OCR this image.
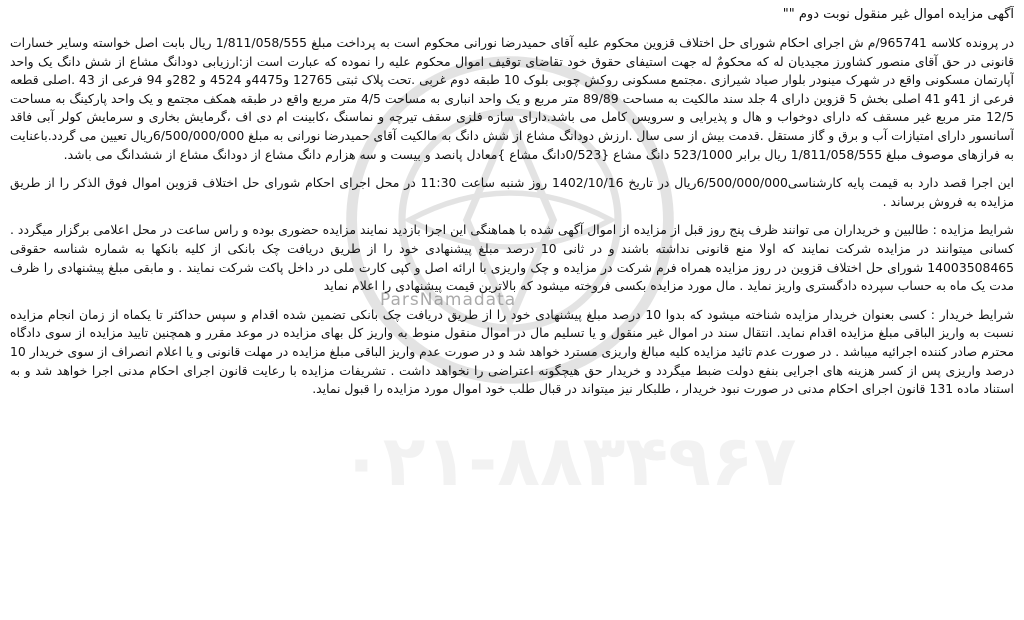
ParsNamadata
۰۲۱-۸۸۳۴۹۶۷
آگهی مزایده اموال غیر منقول نوبت دوم ""

در پرونده کلاسه 965741/م ش اجرای احکام شورای حل اختلاف قزوین محکوم علیه آقای حمیدرضا نورانی محکوم است به پرداخت مبلغ 1/811/058/555 ریال بابت اصل خواسته وسایر خسارات قانونی در حق آقای منصور کشاورز مجیدیان له که محکومٌ له جهت استیفای حقوق خود تقاضای توقیف اموال محکوم علیه را نموده که عبارت است از:ارزیابی دودانگ مشاع از شش دانگ یک واحد آپارتمان مسکونی واقع در شهرک مینودر بلوار صیاد شیرازی .مجتمع مسکونی روکش چوبی بلوک 10 طبقه دوم غربی .تحت پلاک ثبتی 12765 و4475و 4524 و 282و 94 فرعی از 43 .اصلی قطعه فرعی از 41و 41 اصلی بخش 5 قزوین دارای 4 جلد سند مالکیت به مساحت 89/89 متر مربع و یک واحد انباری به مساحت 4/5 متر مربع واقع در طبقه همکف مجتمع و یک واحد پارکینگ به مساحت 12/5 متر مربع غیر مسقف که دارای دوخواب و هال و پذیرایی و سرویس کامل می باشد.دارای سازه فلزی سقف تیرچه و نماسنگ ،کابینت ام دی اف ،گرمایش بخاری و سرمایش کولر آبی فاقد آسانسور دارای امتیازات آب و برق و گاز مستقل .قدمت بیش از سی سال .ارزش دودانگ مشاع از شش دانگ به مالکیت آقای حمیدرضا نورانی به مبلغ 6/500/000/000ریال تعیین می گردد.باعنایت به فرازهای موصوف مبلغ 1/811/058/555 ریال برابر 523/1000 دانگ مشاع {0/523دانگ مشاع }معادل پانصد و بیست و سه هزارم دانگ مشاع از دودانگ مشاع از ششدانگ می باشد.

این اجرا قصد دارد به قیمت پایه کارشناسی6/500/000/000ریال در تاریخ 1402/10/16 روز شنبه ساعت 11:30 در محل اجرای احکام شورای حل اختلاف قزوین اموال فوق الذکر را از طریق مزایده به فروش برساند .

شرایط مزایده : طالبین و خریداران می توانند ظرف پنج روز قبل از مزایده از اموال آگهی شده با هماهنگی این اجرا بازدید نمایند مزایده حضوری بوده و راس ساعت در محل اعلامی برگزار میگردد . کسانی میتوانند در مزایده شرکت نمایند که اولا منع قانونی نداشته باشند و در ثانی 10 درصد مبلغ پیشنهادی خود را از طریق دریافت چک بانکی از کلیه بانکها به شماره شناسه حقوقی 14003508465 شورای حل اختلاف قزوین در روز مزایده همراه فرم شرکت در مزایده و چک واریزی با ارائه اصل و کپی کارت ملی در داخل پاکت شرکت نمایند . و مابقی مبلغ پیشنهادی را ظرف مدت یک ماه به حساب سپرده دادگستری واریز نماید . مال مورد مزایده بکسی فروخته میشود که بالاترین قیمت پیشنهادی را اعلام نماید

شرایط خریدار : کسی بعنوان خریدار مزایده شناخته میشود که بدوا 10 درصد مبلغ پیشنهادی خود را از طریق دریافت چک بانکی تضمین شده اقدام و سپس حداکثر تا یکماه از زمان انجام مزایده نسبت به واریز الباقی مبلغ مزایده اقدام نماید. انتقال سند در اموال غیر منقول و یا تسلیم مال در اموال منقول منوط به واریز کل بهای مزایده در موعد مقرر و همچنین تایید مزایده از سوی دادگاه محترم صادر کننده اجرائیه میباشد . در صورت عدم تائید مزایده کلیه مبالغ واریزی مسترد خواهد شد و در صورت عدم واریز الباقی مبلغ مزایده در مهلت قانونی و یا اعلام انصراف از سوی خریدار 10 درصد واریزی پس از کسر هزینه های اجرایی بنفع دولت ضبط میگردد و خریدار حق هیچگونه اعتراضی را نخواهد داشت . تشریفات مزایده با رعایت قانون اجرای احکام مدنی اجرا خواهد شد و به استناد ماده 131 قانون اجرای احکام مدنی در صورت نبود خریدار ، طلبکار نیز میتواند در قبال طلب خود اموال مورد مزایده را قبول نماید.
